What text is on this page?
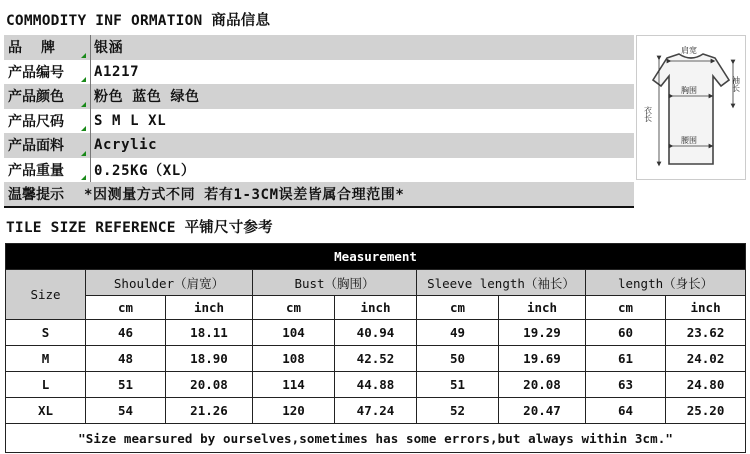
COMMODITY INF ORMATION 商品信息
品牌	银涵
产品编号	A1217
产品颜色	粉色 蓝色 绿色
产品尺码	S M L XL
产品面料	Acrylic
产品重量	0.25KG（XL）
温馨提示	*因测量方式不同 若有1-3CM误差皆属合理范围*
肩宽
胸围
腰围
袖长
衣长
TILE SIZE REFERENCE 平铺尺寸参考
Measurement								
Size	Shoulder（肩宽）		Bust（胸围）		Sleeve length（袖长）		length（身长）	
	cm	inch	cm	inch	cm	inch	cm	inch
S	46	18.11	104	40.94	49	19.29	60	23.62
M	48	18.90	108	42.52	50	19.69	61	24.02
L	51	20.08	114	44.88	51	20.08	63	24.80
XL	54	21.26	120	47.24	52	20.47	64	25.20
"Size mearsured by ourselves,sometimes has some errors,but always within 3cm."								
